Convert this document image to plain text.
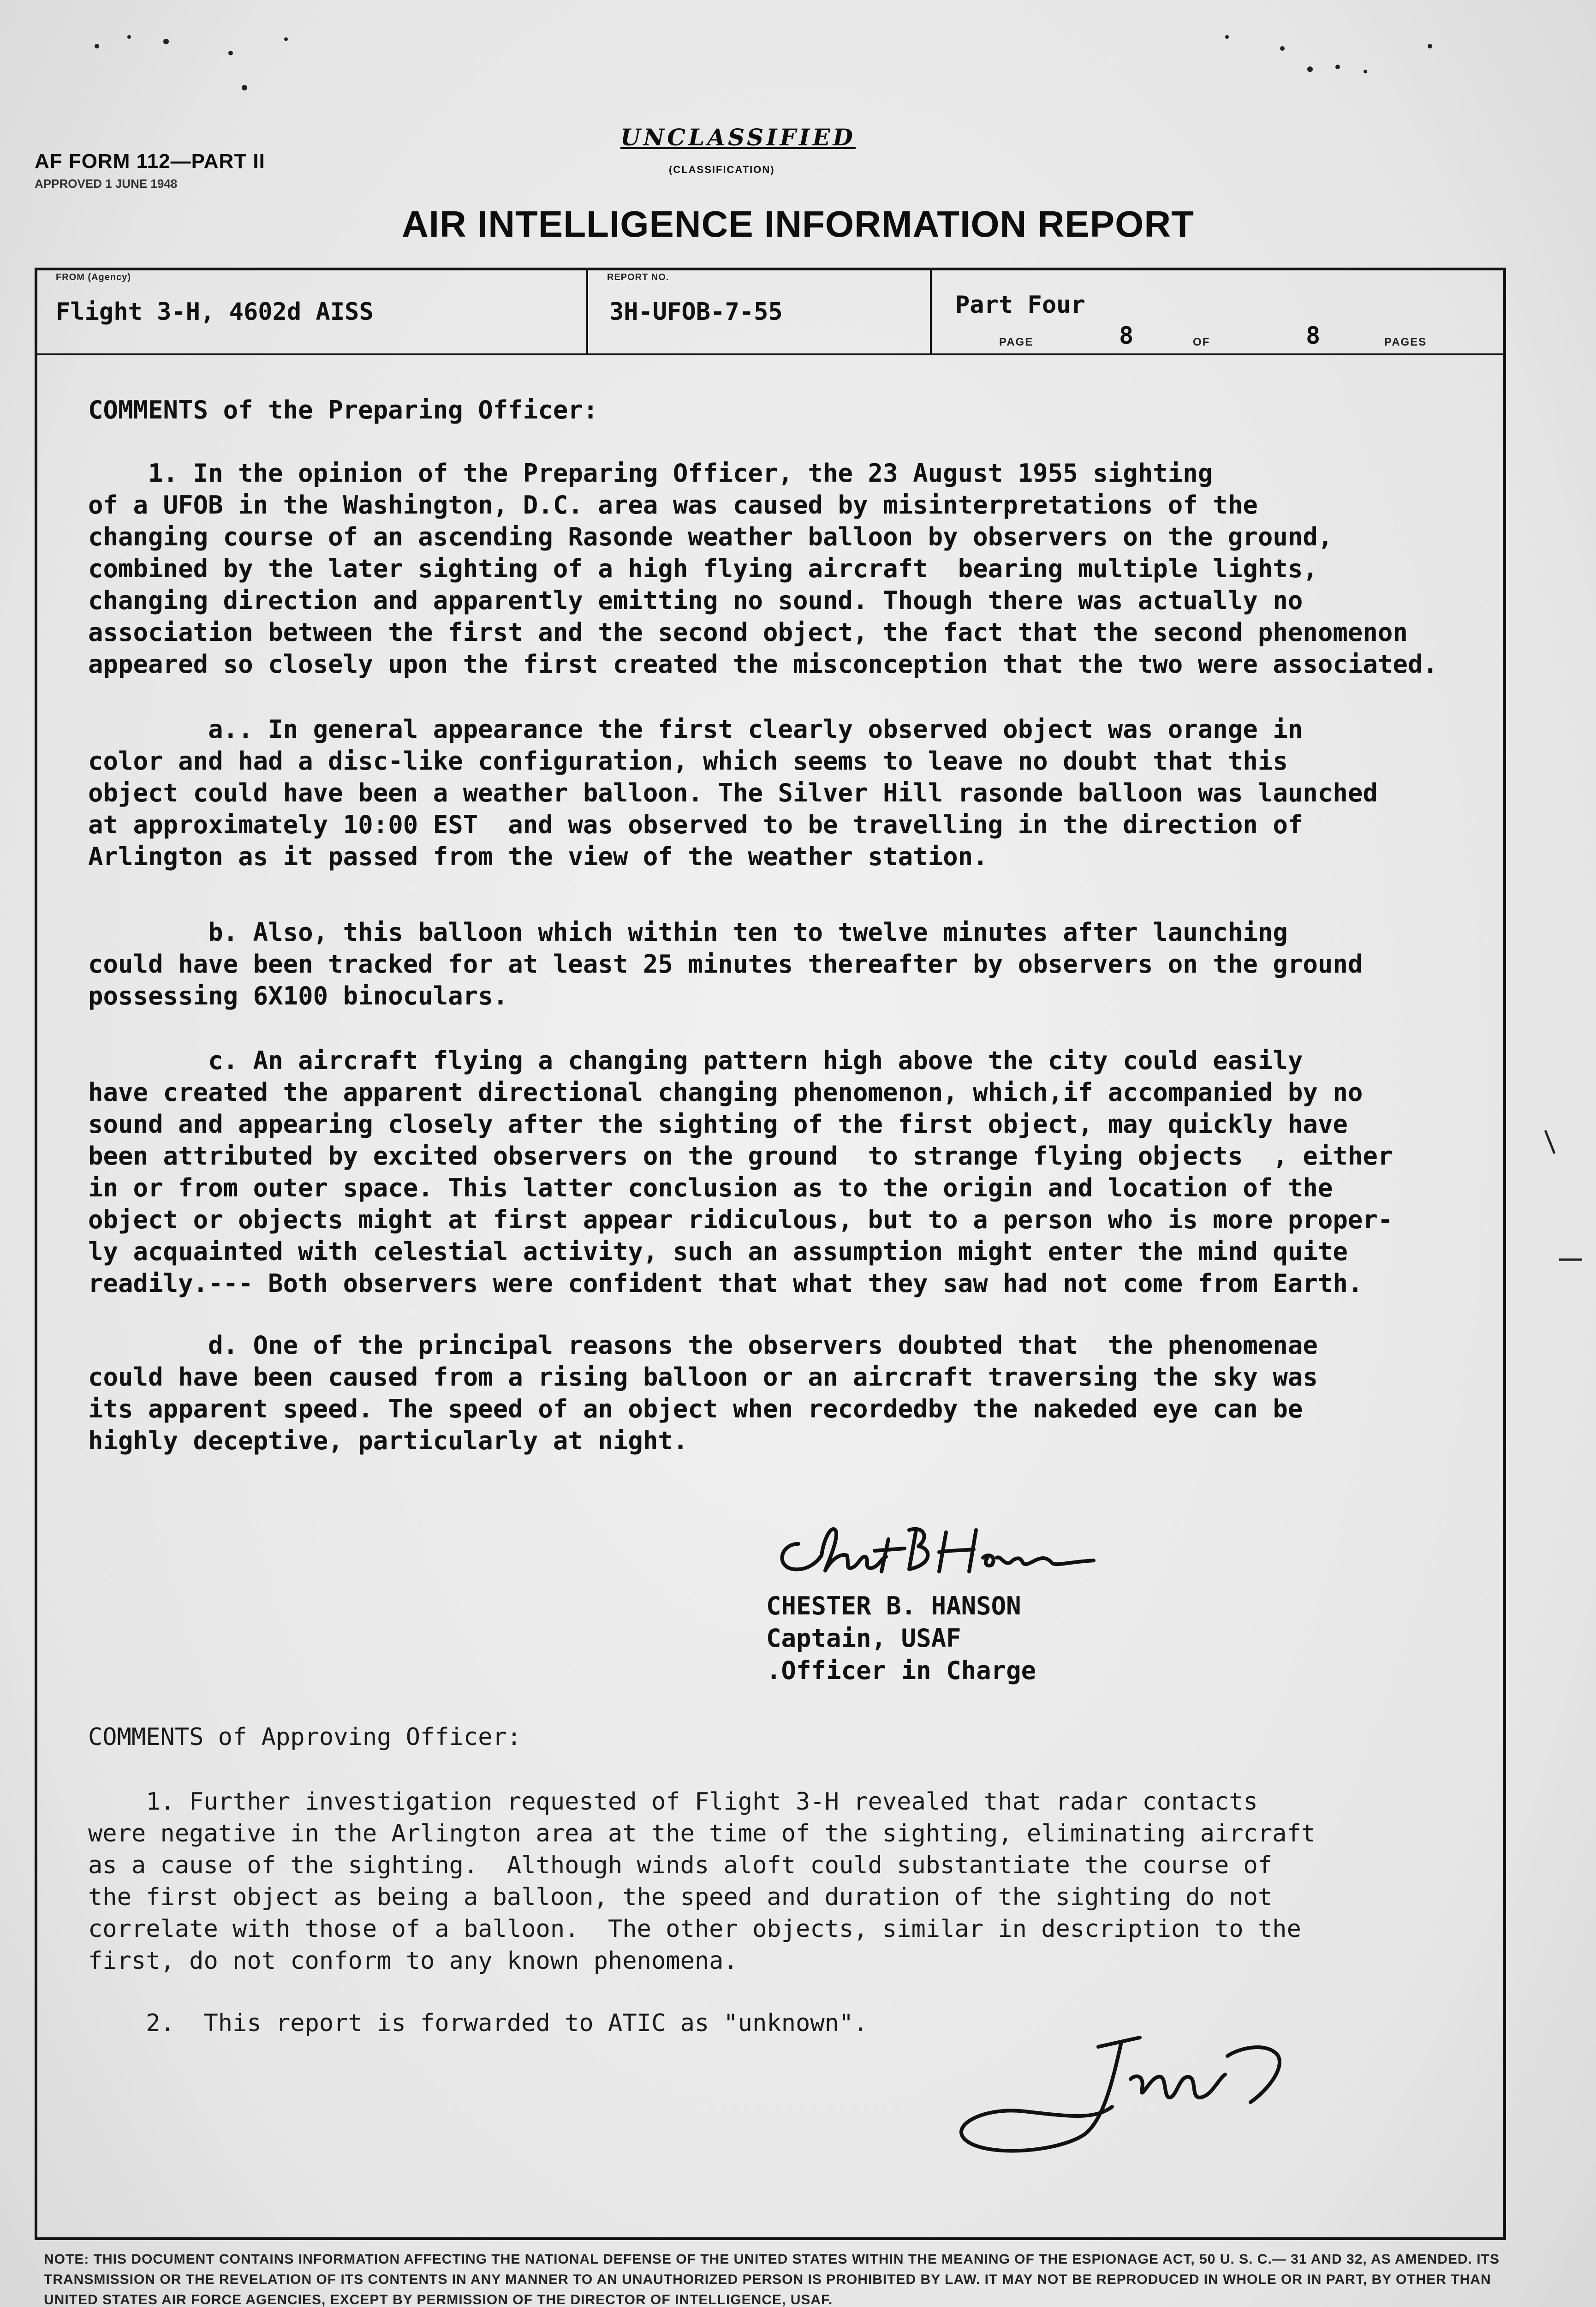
AF FORM 112—PART II
APPROVED 1 JUNE 1948
UNCLASSIFIED
(CLASSIFICATION)
AIR INTELLIGENCE INFORMATION REPORT
FROM (Agency)
Flight 3-H, 4602d AISS
REPORT NO.
3H-UFOB-7-55	Part Four
PAGE	8	OF	8	PAGES
COMMENTS of the Preparing Officer:
1. In the opinion of the Preparing Officer, the 23 August 1955 sighting
of a UFOB in the Washington, D.C. area was caused by misinterpretations of the
changing course of an ascending Rasonde weather balloon by observers on the ground,
combined by the later sighting of a high flying aircraft  bearing multiple lights,
changing direction and apparently emitting no sound. Though there was actually no
association between the first and the second object, the fact that the second phenomenon
appeared so closely upon the first created the misconception that the two were associated.
a.. In general appearance the first clearly observed object was orange in
color and had a disc-like configuration, which seems to leave no doubt that this
object could have been a weather balloon. The Silver Hill rasonde balloon was launched
at approximately 10:00 EST  and was observed to be travelling in the direction of
Arlington as it passed from the view of the weather station.
b. Also, this balloon which within ten to twelve minutes after launching
could have been tracked for at least 25 minutes thereafter by observers on the ground
possessing 6X100 binoculars.
c. An aircraft flying a changing pattern high above the city could easily
have created the apparent directional changing phenomenon, which,if accompanied by no
sound and appearing closely after the sighting of the first object, may quickly have
been attributed by excited observers on the ground  to strange flying objects  , either
in or from outer space. This latter conclusion as to the origin and location of the
object or objects might at first appear ridiculous, but to a person who is more proper-
ly acquainted with celestial activity, such an assumption might enter the mind quite
readily.--- Both observers were confident that what they saw had not come from Earth.
d. One of the principal reasons the observers doubted that  the phenomenae
could have been caused from a rising balloon or an aircraft traversing the sky was
its apparent speed. The speed of an object when recordedby the nakeded eye can be
highly deceptive, particularly at night.
CHESTER B. HANSON
Captain, USAF
.Officer in Charge
COMMENTS of Approving Officer:
1. Further investigation requested of Flight 3-H revealed that radar contacts
were negative in the Arlington area at the time of the sighting, eliminating aircraft
as a cause of the sighting.  Although winds aloft could substantiate the course of
the first object as being a balloon, the speed and duration of the sighting do not
correlate with those of a balloon.  The other objects, similar in description to the
first, do not conform to any known phenomena.
2.  This report is forwarded to ATIC as "unknown".
NOTE: THIS DOCUMENT CONTAINS INFORMATION AFFECTING THE NATIONAL DEFENSE OF THE UNITED STATES WITHIN THE MEANING OF THE ESPIONAGE ACT, 50 U. S. C.— 31 AND 32, AS AMENDED. ITS TRANSMISSION OR THE REVELATION OF ITS CONTENTS IN ANY MANNER TO AN UNAUTHORIZED PERSON IS PROHIBITED BY LAW. IT MAY NOT BE REPRODUCED IN WHOLE OR IN PART, BY OTHER THAN UNITED STATES AIR FORCE AGENCIES, EXCEPT BY PERMISSION OF THE DIRECTOR OF INTELLIGENCE, USAF.
